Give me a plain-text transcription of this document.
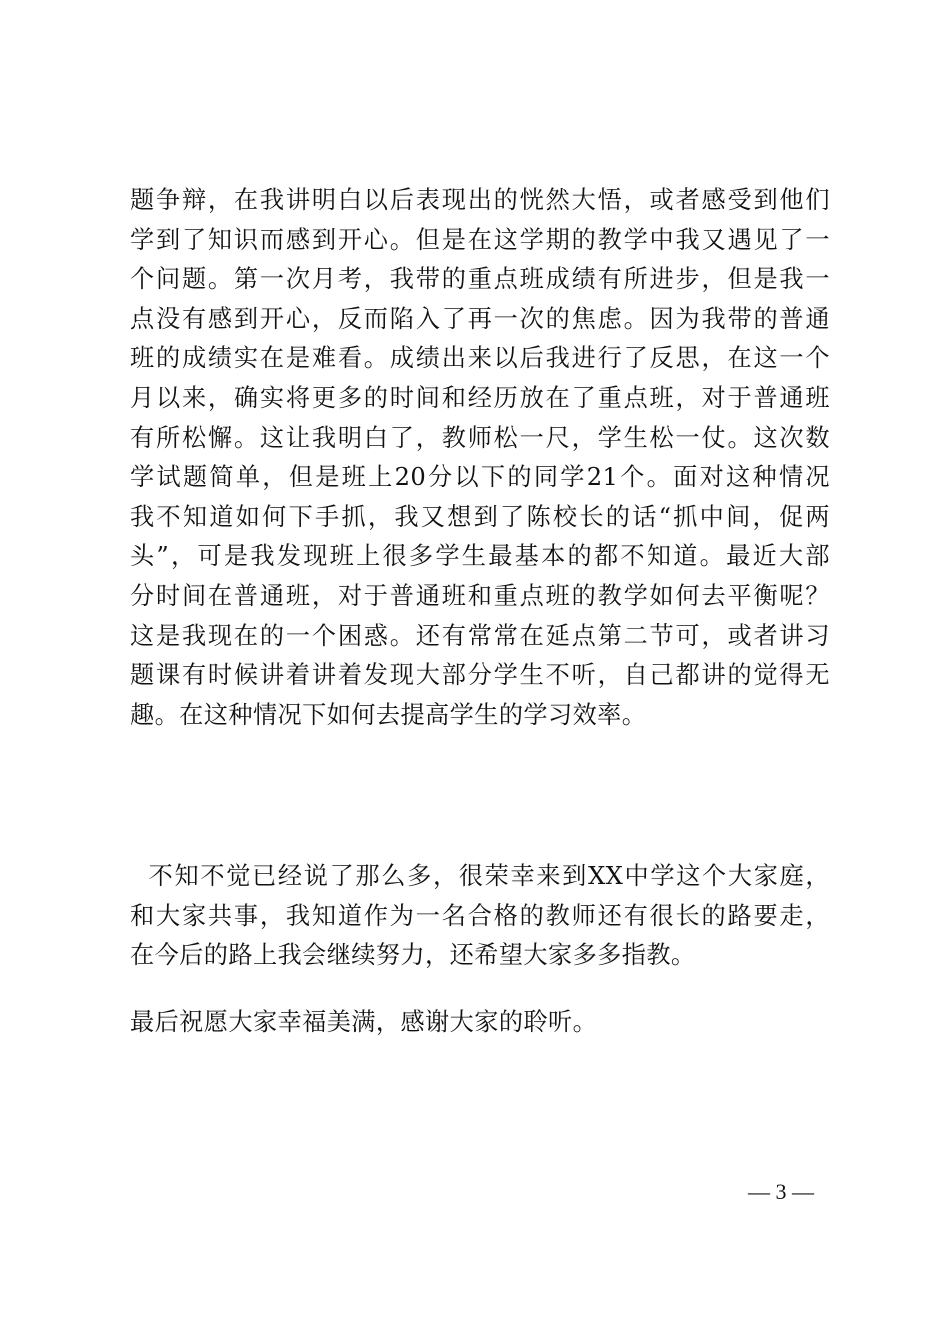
题争辩，在我讲明白以后表现出的恍然大悟，或者感受到他们
学到了知识而感到开心。但是在这学期的教学中我又遇见了一
个问题。第一次月考，我带的重点班成绩有所进步，但是我一
点没有感到开心，反而陷入了再一次的焦虑。因为我带的普通
班的成绩实在是难看。成绩出来以后我进行了反思，在这一个
月以来，确实将更多的时间和经历放在了重点班，对于普通班
有所松懈。这让我明白了，教师松一尺，学生松一仗。这次数
学试题简单，但是班上20分以下的同学21个。面对这种情况
我不知道如何下手抓，我又想到了陈校长的话“抓中间，促两
头”，可是我发现班上很多学生最基本的都不知道。最近大部
分时间在普通班，对于普通班和重点班的教学如何去平衡呢？
这是我现在的一个困惑。还有常常在延点第二节可，或者讲习
题课有时候讲着讲着发现大部分学生不听，自己都讲的觉得无
趣。在这种情况下如何去提高学生的学习效率。
不知不觉已经说了那么多，很荣幸来到XX中学这个大家庭，
和大家共事，我知道作为一名合格的教师还有很长的路要走，
在今后的路上我会继续努力，还希望大家多多指教。
最后祝愿大家幸福美满，感谢大家的聆听。
— 3 —
